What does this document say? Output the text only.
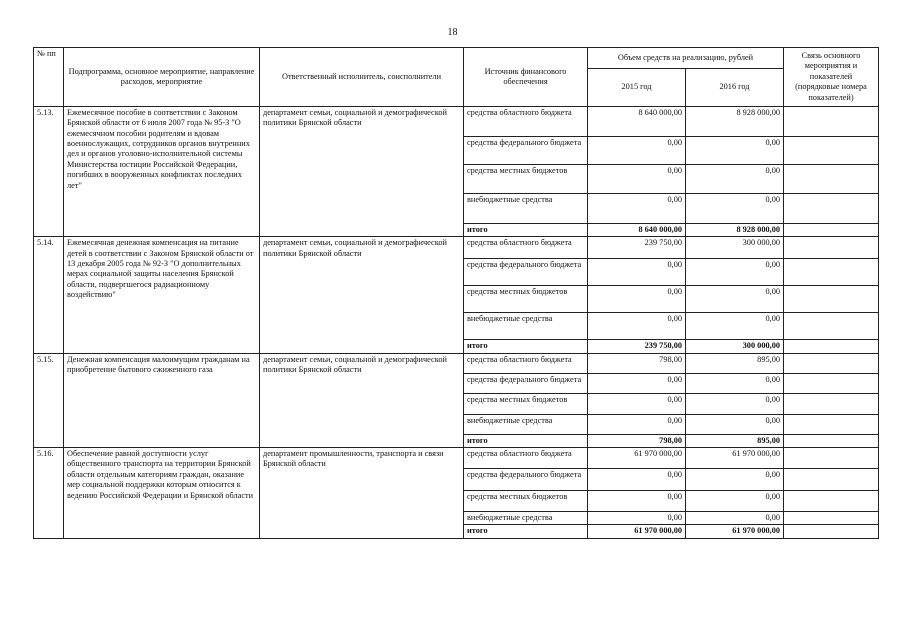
18
№ пп	Подпрограмма, основное мероприятие, направление расходов, мероприятие	Ответственный исполнитель, соисполнители	Источник финансового обеспечения	Объем средств на реализацию, рублей		Связь основного мероприятия и показателей (порядковые номера показателей)
				2015 год	2016 год	
5.13.	Ежемесячное пособие в соответствии с Законом Брянской области от 6 июля 2007 года № 95-З "О ежемесячном пособии родителям и вдовам военнослужащих, сотрудников органов внутренних дел и органов уголовно-исполнительной системы Министерства юстиции Российской Федерации, погибших в вооруженных конфликтах последних лет"	департамент семьи, социальной и демографической политики Брянской области	средства областного бюджета	8 640 000,00	8 928 000,00	
			средства федерального бюджета	0,00	0,00	
			средства местных бюджетов	0,00	0,00	
			внебюджетные средства	0,00	0,00	
			итого	8 640 000,00	8 928 000,00	
5.14.	Ежемесячная денежная компенсация на питание детей в соответствии с Законом Брянской области от 13 декабря 2005 года № 92-З "О дополнительных мерах социальной защиты населения Брянской области, подвергшегося радиационному воздействию"	департамент семьи, социальной и демографической политики Брянской области	средства областного бюджета	239 750,00	300 000,00	
			средства федерального бюджета	0,00	0,00	
			средства местных бюджетов	0,00	0,00	
			внебюджетные средства	0,00	0,00	
			итого	239 750,00	300 000,00	
5.15.	Денежная компенсация малоимущим гражданам на приобретение бытового сжиженного газа	департамент семьи, социальной и демографической политики Брянской области	средства областного бюджета	798,00	895,00	
			средства федерального бюджета	0,00	0,00	
			средства местных бюджетов	0,00	0,00	
			внебюджетные средства	0,00	0,00	
			итого	798,00	895,00	
5.16.	Обеспечение равной доступности услуг общественного транспорта на территории Брянской области отдельным категориям граждан, оказание мер социальной поддержки которым относится к ведению Российской Федерации и Брянской области	департамент промышленности, транспорта и связи Брянской области	средства областного бюджета	61 970 000,00	61 970 000,00	
			средства федерального бюджета	0,00	0,00	
			средства местных бюджетов	0,00	0,00	
			внебюджетные средства	0,00	0,00	
			итого	61 970 000,00	61 970 000,00	
